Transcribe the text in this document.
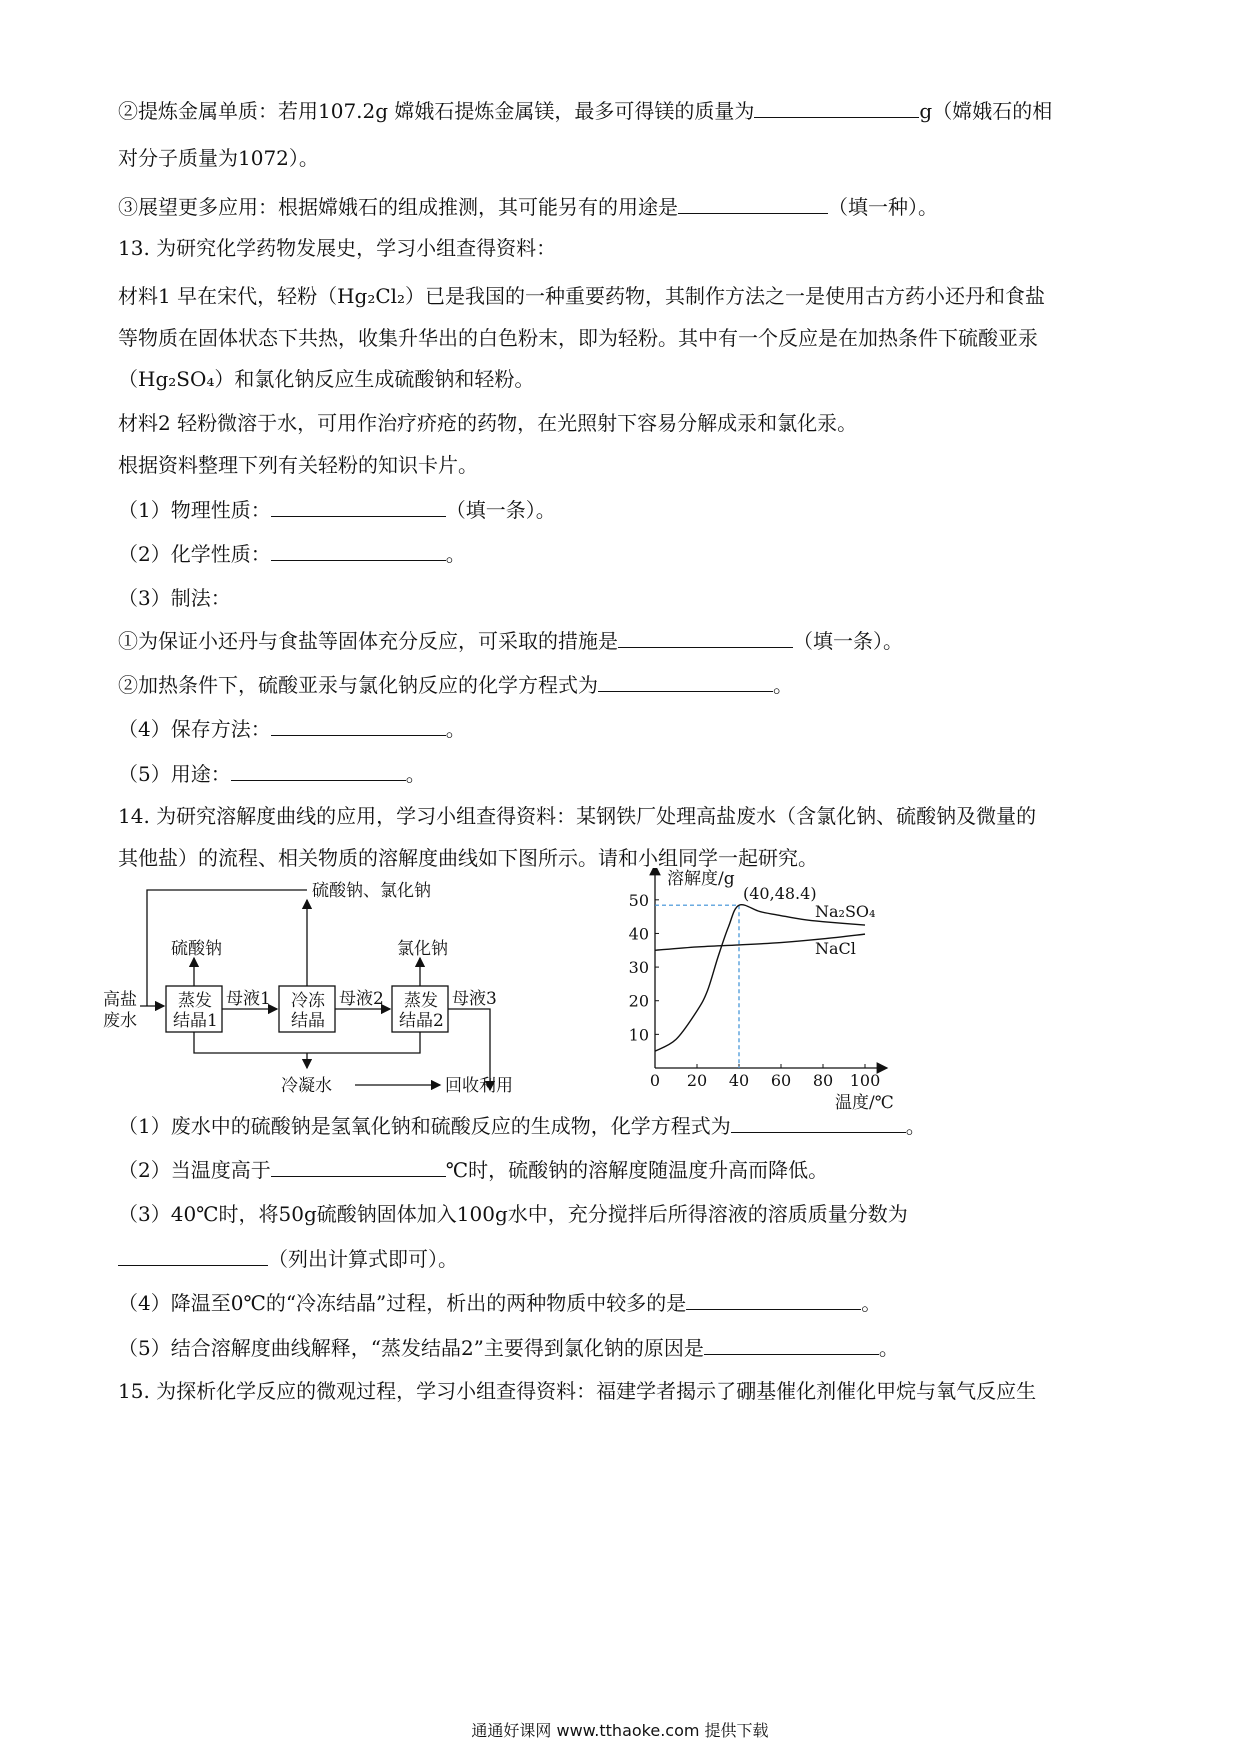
②提炼金属单质：若用107.2g 嫦娥石提炼金属镁，最多可得镁的质量为	g（嫦娥石的相
对分子质量为1072）。
③展望更多应用：根据嫦娥石的组成推测，其可能另有的用途是	（填一种）。
13. 为研究化学药物发展史，学习小组查得资料：
材料1 早在宋代，轻粉（Hg₂Cl₂）已是我国的一种重要药物，其制作方法之一是使用古方药小还丹和食盐
等物质在固体状态下共热，收集升华出的白色粉末，即为轻粉。其中有一个反应是在加热条件下硫酸亚汞
（Hg₂SO₄）和氯化钠反应生成硫酸钠和轻粉。
材料2 轻粉微溶于水，可用作治疗疥疮的药物，在光照射下容易分解成汞和氯化汞。
根据资料整理下列有关轻粉的知识卡片。
（1）物理性质：	（填一条）。
（2）化学性质：	。
（3）制法：
①为保证小还丹与食盐等固体充分反应，可采取的措施是	（填一条）。
②加热条件下，硫酸亚汞与氯化钠反应的化学方程式为	。
（4）保存方法：	。
（5）用途：	。
14. 为研究溶解度曲线的应用，学习小组查得资料：某钢铁厂处理高盐废水（含氯化钠、硫酸钠及微量的
其他盐）的流程、相关物质的溶解度曲线如下图所示。请和小组同学一起研究。
硫酸钠、氯化钠
硫酸钠	氯化钠
高盐
废水
蒸发
结晶1
冷冻
结晶
蒸发
结晶2
母液1	母液2	母液3
冷凝水	回收利用	0 20 40 60 80 100
10
20
30
40
50
Na₂SO₄
NaCl
溶解度/g
温度/℃
(40,48.4)
（1）废水中的硫酸钠是氢氧化钠和硫酸反应的生成物，化学方程式为	。
（2）当温度高于	℃时，硫酸钠的溶解度随温度升高而降低。
（3）40℃时，将50g硫酸钠固体加入100g水中，充分搅拌后所得溶液的溶质质量分数为
（列出计算式即可）。
（4）降温至0℃的“冷冻结晶”过程，析出的两种物质中较多的是	。
（5）结合溶解度曲线解释，“蒸发结晶2”主要得到氯化钠的原因是	。
15. 为探析化学反应的微观过程，学习小组查得资料：福建学者揭示了硼基催化剂催化甲烷与氧气反应生
通通好课网 www.tthaoke.com 提供下载
